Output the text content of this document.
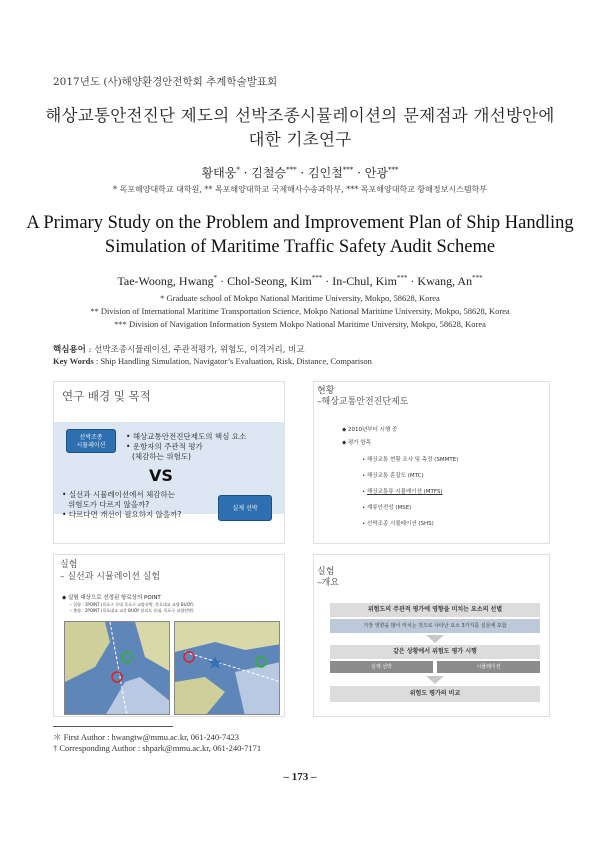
2017년도 (사)해양환경안전학회 추계학술발표회
해상교통안전진단 제도의 선박조종시뮬레이션의 문제점과 개선방안에
대한 기초연구
황태웅* · 김철승*** · 김인철*** · 안광***
* 목포해양대학교 대학원, ** 목포해양대학교 국제해사수송과학부, *** 목포해양대학교 항해정보시스템학부
A Primary Study on the Problem and Improvement Plan of Ship Handling
Simulation of Maritime Traffic Safety Audit Scheme
Tae-Woong, Hwang* · Chol-Seong, Kim*** · In-Chul, Kim*** · Kwang, An***
* Graduate school of Mokpo National Maritime University, Mokpo, 58628, Korea
** Division of International Maritime Transportation Science, Mokpo National Maritime University, Mokpo, 58628, Korea
*** Division of Navigation Information System Mokpo National Maritime University, Mokpo, 58628, Korea
핵심용어 : 선박조종시뮬레이션, 주관적평가, 위험도, 이격거리, 비교
Key Words : Ship Handling Simulation, Navigator’s Evaluation, Risk, Distance, Comparison
연구 배경 및 목적
선박조종
시뮬레이션
• 해상교통안전진단제도의 핵심 요소
• 운항자의 주관적 평가
(체감하는 위험도)
VS
• 실선과 시뮬레이션에서 체감하는
위험도가 다르지 않을까?
• 다르다면 개선이 필요하지 않을까?
실제 선박
현황
–해상교통안전진단제도
◆ 2010년부터 시행 중
◆ 평가 항목
• 해상교통 현황 조사 및 측정 (SMMTE)
• 해상교통 혼잡도 (MTC)
• 해상교통류 시뮬레이션 (MTFS)
• 계류안전성 (MSE)
• 선박조종 시뮬레이션 (SHS)
실험
– 실선과 시뮬레이션 실험
◆ 실험 대상으로 선정된 항로상의 POINT
– 입항 : 1POINT (목포구 등대 목포구 교량선박, 목포대교 교량 BUOY)
– 출항 : 2POINT (목포대교 교각 BUOY 달리도 등대, 목포구 교량선박)
실험
–개요
위험도의 주관적 평가에 영향을 미치는 요소의 선별
가장 영향을 많이 미치는 것으로 나타난 요소 3가지를 설문에 포함
같은 상황에서 위험도 평가 시행
실제 선박	시뮬레이션
위험도 평가의 비교
＊ First Author : hwangtw@mmu.ac.kr, 061-240-7423
† Corresponding Author : shpark@mmu.ac.kr, 061-240-7171
– 173 –
